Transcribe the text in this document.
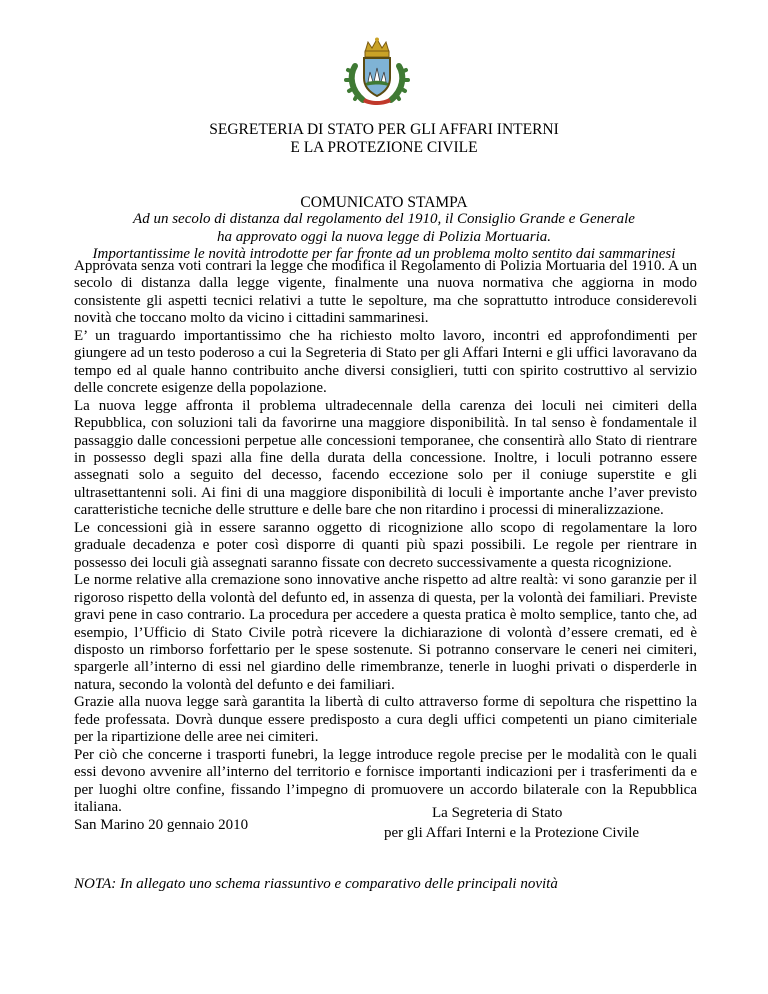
SEGRETERIA DI STATO PER GLI AFFARI INTERNI
E LA PROTEZIONE CIVILE
COMUNICATO STAMPA
Ad un secolo di distanza dal regolamento del 1910, il Consiglio Grande e Generale
ha approvato oggi la nuova legge di Polizia Mortuaria.
Importantissime le novità introdotte per far fronte ad un problema molto sentito dai sammarinesi

Approvata senza voti contrari la legge che modifica il Regolamento di Polizia Mortuaria del 1910. A un secolo di distanza dalla legge vigente, finalmente una nuova normativa che aggiorna in modo consistente gli aspetti tecnici relativi a tutte le sepolture, ma che soprattutto introduce considerevoli novità che toccano molto da vicino i cittadini sammarinesi.

E’ un traguardo importantissimo che ha richiesto molto lavoro, incontri ed approfondimenti per giungere ad un testo poderoso a cui la Segreteria di Stato per gli Affari Interni e gli uffici lavoravano da tempo ed al quale hanno contribuito anche diversi consiglieri, tutti con spirito costruttivo al servizio delle concrete esigenze della popolazione.

La nuova legge affronta il problema ultradecennale della carenza dei loculi nei cimiteri della Repubblica, con soluzioni tali da favorirne una maggiore disponibilità. In tal senso è fondamentale il passaggio dalle concessioni perpetue alle concessioni temporanee, che consentirà allo Stato di rientrare in possesso degli spazi alla fine della durata della concessione. Inoltre, i loculi potranno essere assegnati solo a seguito del decesso, facendo eccezione solo per il coniuge superstite e gli ultrasettantenni soli. Ai fini di una maggiore disponibilità di loculi è importante anche l’aver previsto caratteristiche tecniche delle strutture e delle bare che non ritardino i processi di mineralizzazione.

Le concessioni già in essere saranno oggetto di ricognizione allo scopo di regolamentare la loro graduale decadenza e poter così disporre di quanti più spazi possibili. Le regole per rientrare in possesso dei loculi già assegnati saranno fissate con decreto successivamente a questa ricognizione.

Le norme relative alla cremazione sono innovative anche rispetto ad altre realtà: vi sono garanzie per il rigoroso rispetto della volontà del defunto ed, in assenza di questa, per la volontà dei familiari. Previste gravi pene in caso contrario. La procedura per accedere a questa pratica è molto semplice, tanto che, ad esempio, l’Ufficio di Stato Civile potrà ricevere la dichiarazione di volontà d’essere cremati, ed è disposto un rimborso forfettario per le spese sostenute. Si potranno conservare le ceneri nei cimiteri, spargerle all’interno di essi nel giardino delle rimembranze, tenerle in luoghi privati o disperderle in natura, secondo la volontà del defunto e dei familiari.

Grazie alla nuova legge sarà garantita la libertà di culto attraverso forme di sepoltura che rispettino la fede professata. Dovrà dunque essere predisposto a cura degli uffici competenti un piano cimiteriale per la ripartizione delle aree nei cimiteri.

Per ciò che concerne i trasporti funebri, la legge introduce regole precise per le modalità con le quali essi devono avvenire all’interno del territorio e fornisce importanti indicazioni per i trasferimenti da e per luoghi oltre confine, fissando l’impegno di promuovere un accordo bilaterale con la Repubblica italiana.

San Marino 20 gennaio 2010

La Segreteria di Stato
per gli Affari Interni e la Protezione Civile
NOTA: In allegato uno schema riassuntivo e comparativo delle principali novità
